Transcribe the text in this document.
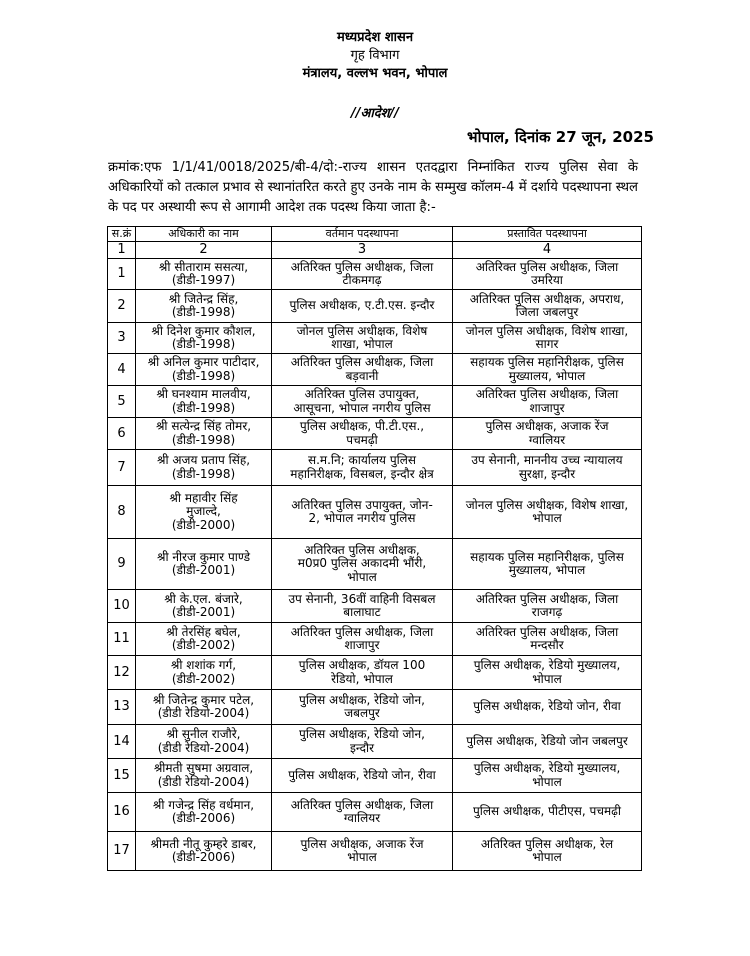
मध्यप्रदेश शासन
गृह विभाग
मंत्रालय, वल्लभ भवन, भोपाल
//आदेश//
भोपाल, दिनांक 27 जून, 2025
क्रमांक:एफ 1/1/41/0018/2025/बी-4/दो:-राज्य शासन एतदद्वारा निम्नांकित राज्य पुलिस सेवा के अधिकारियों को तत्काल प्रभाव से स्थानांतरित करते हुए उनके नाम के सम्मुख कॉलम-4 में दर्शाये पदस्थापना स्थल के पद पर अस्थायी रूप से आगामी आदेश तक पदस्थ किया जाता है:-
स.क्रं	अधिकारी का नाम	वर्तमान पदस्थापना	प्रस्तावित पदस्थापना
1	2	3	4
1	श्री सीताराम ससत्या,
(डीडी-1997)	अतिरिक्त पुलिस अधीक्षक, जिला
टीकमगढ़	अतिरिक्त पुलिस अधीक्षक, जिला
उमरिया

2	श्री जितेन्द्र सिंह,
(डीडी-1998)	पुलिस अधीक्षक, ए.टी.एस. इन्दौर	अतिरिक्त पुलिस अधीक्षक, अपराध,
जिला जबलपुर

3	श्री दिनेश कुमार कौशल,
(डीडी-1998)	जोनल पुलिस अधीक्षक, विशेष
शाखा, भोपाल	जोनल पुलिस अधीक्षक, विशेष शाखा,
सागर

4	श्री अनिल कुमार पाटीदार,
(डीडी-1998)	अतिरिक्त पुलिस अधीक्षक, जिला
बड़वानी	सहायक पुलिस महानिरीक्षक, पुलिस
मुख्यालय, भोपाल

5	श्री घनश्याम मालवीय,
(डीडी-1998)	अतिरिक्त पुलिस उपायुक्त,
आसूचना, भोपाल नगरीय पुलिस	अतिरिक्त पुलिस अधीक्षक, जिला
शाजापुर

6	श्री सत्येन्द्र सिंह तोमर,
(डीडी-1998)	पुलिस अधीक्षक, पी.टी.एस.,
पचमढ़ी	पुलिस अधीक्षक, अजाक रेंज
ग्वालियर

7	श्री अजय प्रताप सिंह,
(डीडी-1998)	स.म.नि; कार्यालय पुलिस
महानिरीक्षक, विसबल, इन्दौर क्षेत्र	उप सेनानी, माननीय उच्च न्यायालय
सुरक्षा, इन्दौर

8	श्री महावीर सिंह
मुजाल्दे,
(डीडी-2000)	अतिरिक्त पुलिस उपायुक्त, जोन-
2, भोपाल नगरीय पुलिस	जोनल पुलिस अधीक्षक, विशेष शाखा,
भोपाल

9	श्री नीरज कुमार पाण्डे
(डीडी-2001)	अतिरिक्त पुलिस अधीक्षक,
म0प्र0 पुलिस अकादमी भौंरी,
भोपाल	सहायक पुलिस महानिरीक्षक, पुलिस
मुख्यालय, भोपाल

10	श्री के.एल. बंजारे,
(डीडी-2001)	उप सेनानी, 36वीं वाहिनी विसबल
बालाघाट	अतिरिक्त पुलिस अधीक्षक, जिला
राजगढ़

11	श्री तेरसिंह बघेल,
(डीडी-2002)	अतिरिक्त पुलिस अधीक्षक, जिला
शाजापुर	अतिरिक्त पुलिस अधीक्षक, जिला
मन्दसौर

12	श्री शशांक गर्ग,
(डीडी-2002)	पुलिस अधीक्षक, डॉयल 100
रेडियो, भोपाल	पुलिस अधीक्षक, रेडियो मुख्यालय,
भोपाल

13	श्री जितेन्द्र कुमार पटेल,
(डीडी रेडियो-2004)	पुलिस अधीक्षक, रेडियो जोन,
जबलपुर	पुलिस अधीक्षक, रेडियो जोन, रीवा

14	श्री सुनील राजौरे,
(डीडी रेडियो-2004)	पुलिस अधीक्षक, रेडियो जोन,
इन्दौर	पुलिस अधीक्षक, रेडियो जोन जबलपुर

15	श्रीमती सुषमा अग्रवाल,
(डीडी रेडियो-2004)	पुलिस अधीक्षक, रेडियो जोन, रीवा	पुलिस अधीक्षक, रेडियो मुख्यालय,
भोपाल

16	श्री गजेन्द्र सिंह वर्धमान,
(डीडी-2006)	अतिरिक्त पुलिस अधीक्षक, जिला
ग्वालियर	पुलिस अधीक्षक, पीटीएस, पचमढ़ी

17	श्रीमती नीतू कुम्हरे डाबर,
(डीडी-2006)	पुलिस अधीक्षक, अजाक रेंज
भोपाल	अतिरिक्त पुलिस अधीक्षक, रेल
भोपाल
